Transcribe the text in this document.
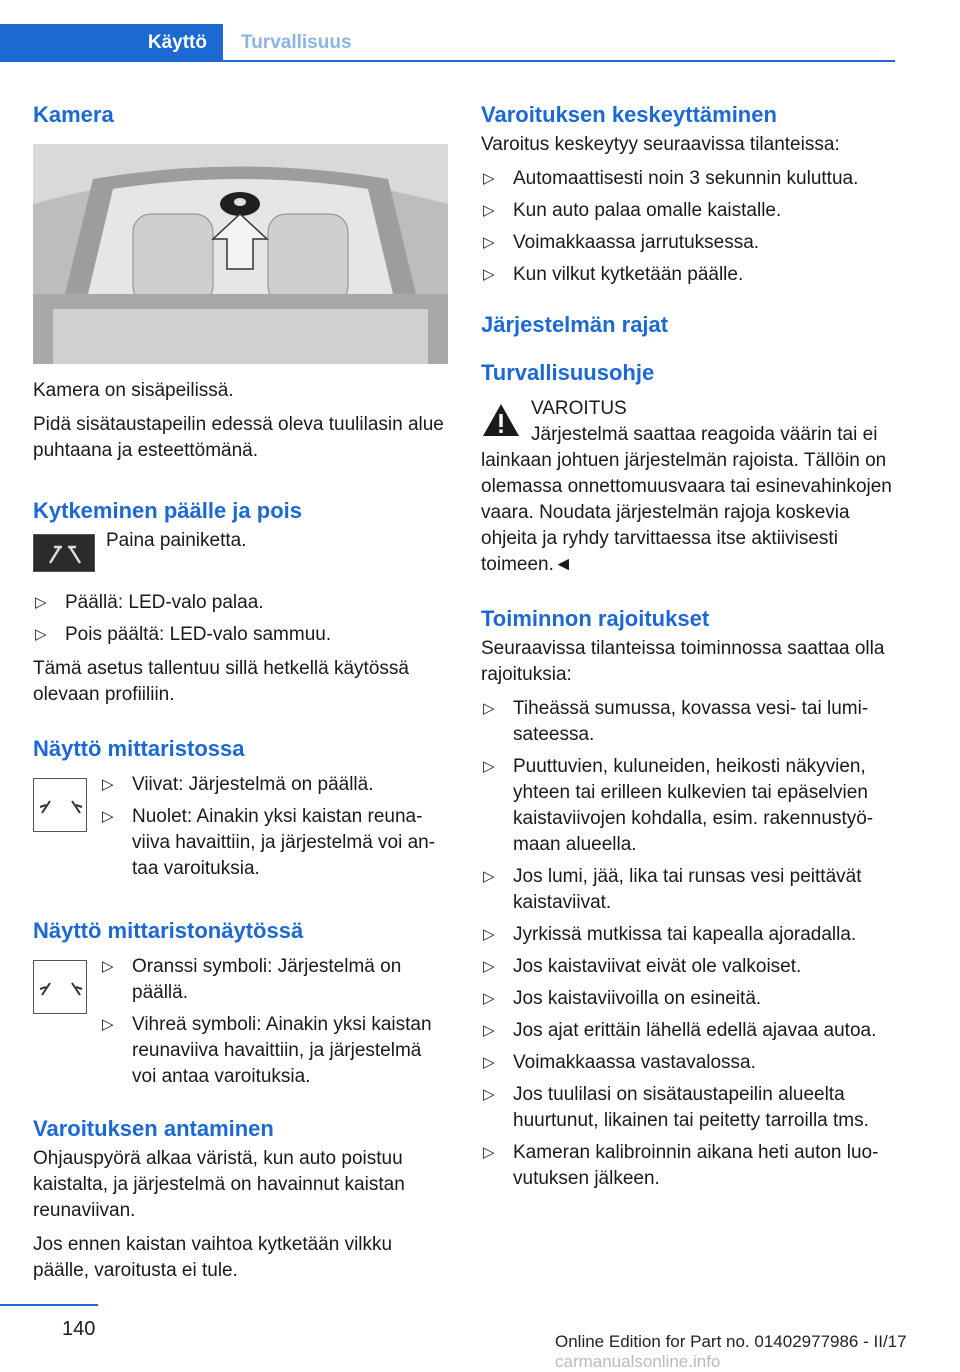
Käyttö Turvallisuus
Kamera

Kamera on sisäpeilissä.

Pidä sisätaustapeilin edessä oleva tuulilasin alue puhtaana ja esteettömänä.

Kytkeminen päälle ja pois

Paina painiketta.

▷ Päällä: LED-valo palaa.
▷ Pois päältä: LED-valo sammuu.

Tämä asetus tallentuu sillä hetkellä käytössä olevaan profiiliin.

Näyttö mittaristossa
▷ Viivat: Järjestelmä on päällä.
▷ Nuolet: Ainakin yksi kaistan reunaviiva havaittiin, ja järjestelmä voi antaa varoituksia.
Näyttö mittaristonäytössä
▷ Oranssi symboli: Järjestelmä on päällä.
▷ Vihreä symboli: Ainakin yksi kaistan reunaviiva havaittiin, ja järjestelmä voi antaa varoituksia.
Varoituksen antaminen

Ohjauspyörä alkaa väristä, kun auto poistuu kaistalta, ja järjestelmä on havainnut kaistan reunaviivan.

Jos ennen kaistan vaihtoa kytketään vilkku päälle, varoitusta ei tule.

Varoituksen keskeyttäminen

Varoitus keskeytyy seuraavissa tilanteissa:

▷ Automaattisesti noin 3 sekunnin kuluttua.
▷ Kun auto palaa omalle kaistalle.
▷ Voimakkaassa jarrutuksessa.
▷ Kun vilkut kytketään päälle.
Järjestelmän rajat
Turvallisuusohje

VAROITUS

Järjestelmä saattaa reagoida väärin tai ei

lainkaan johtuen järjestelmän rajoista. Tällöin on olemassa onnettomuusvaara tai esinevahinkojen vaara. Noudata järjestelmän rajoja koskevia ohjeita ja ryhdy tarvittaessa itse aktiivisesti toimeen.◄

Toiminnon rajoitukset

Seuraavissa tilanteissa toiminnossa saattaa olla rajoituksia:

▷ Tiheässä sumussa, kovassa vesi- tai lumisateessa.
▷ Puuttuvien, kuluneiden, heikosti näkyvien, yhteen tai erilleen kulkevien tai epäselvien kaistaviivojen kohdalla, esim. rakennustyömaan alueella.
▷ Jos lumi, jää, lika tai runsas vesi peittävät kaistaviivat.
▷ Jyrkissä mutkissa tai kapealla ajoradalla.
▷ Jos kaistaviivat eivät ole valkoiset.
▷ Jos kaistaviivoilla on esineitä.
▷ Jos ajat erittäin lähellä edellä ajavaa autoa.
▷ Voimakkaassa vastavalossa.
▷ Jos tuulilasi on sisätaustapeilin alueelta huurtunut, likainen tai peitetty tarroilla tms.
▷ Kameran kalibroinnin aikana heti auton luovutuksen jälkeen.
140
Online Edition for Part no. 01402977986 - II/17 carmanualsonline.info
